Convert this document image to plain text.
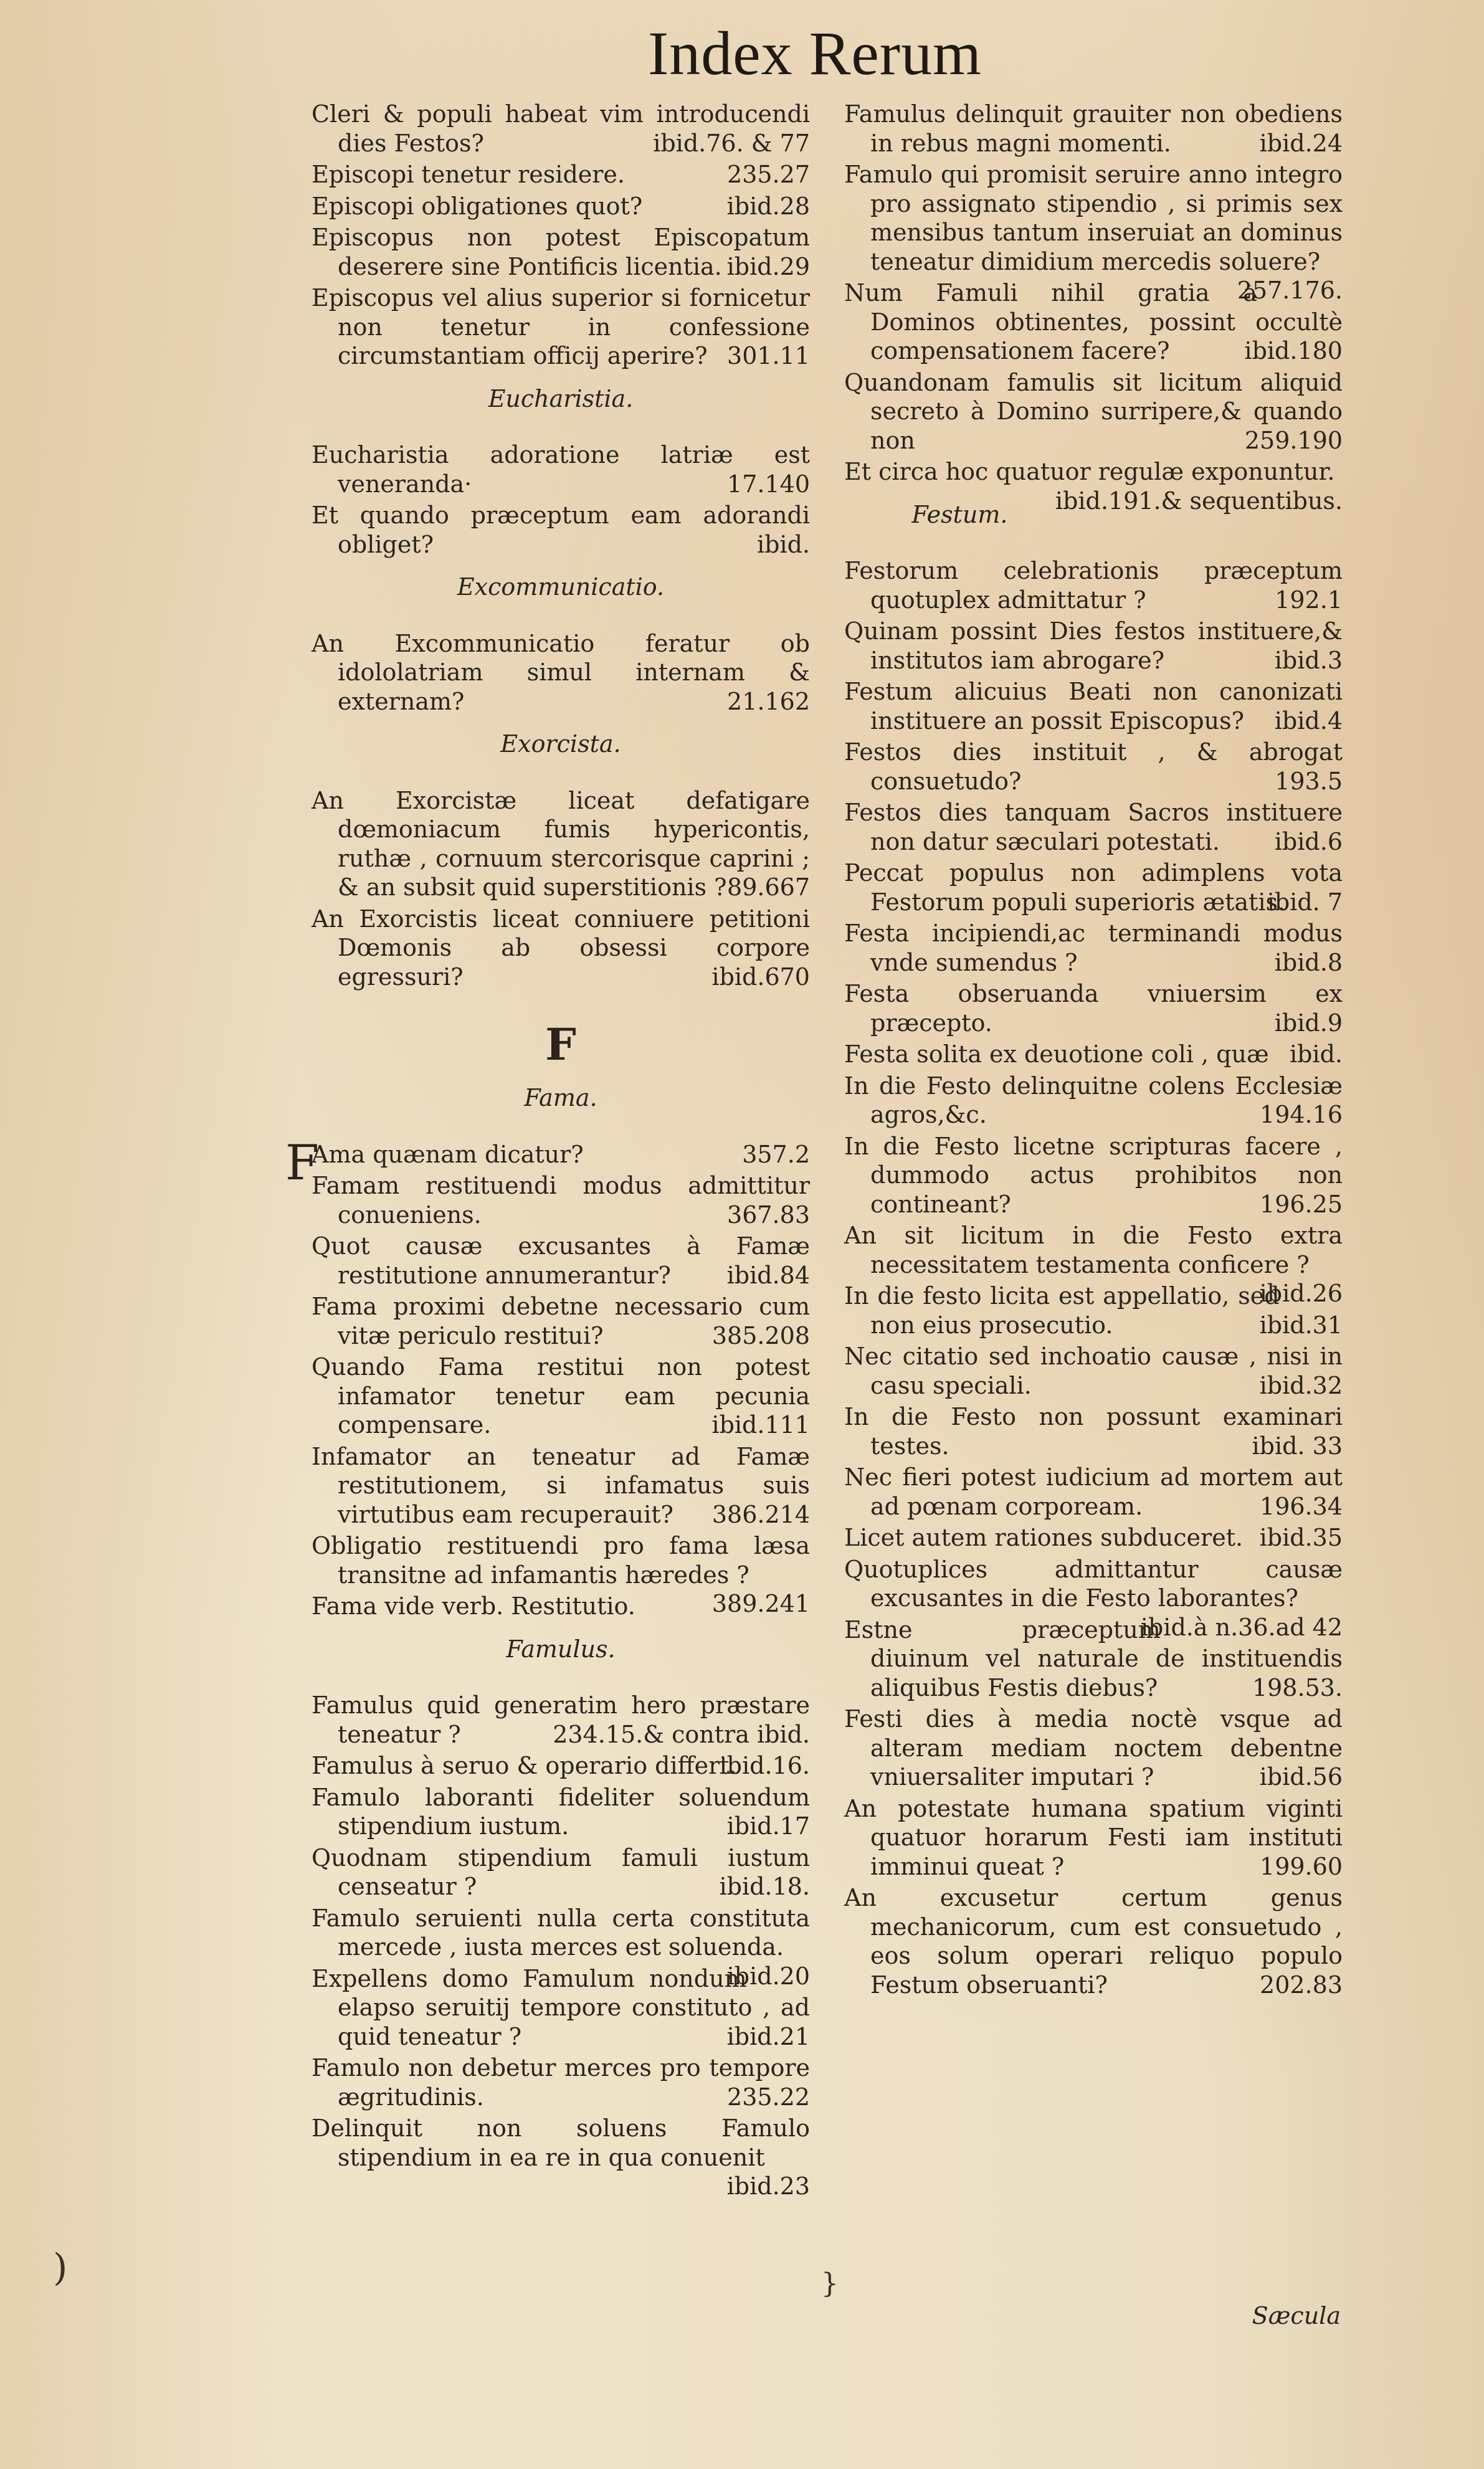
Index Rerum
Cleri & populi habeat vim introducendi dies Festos?	ibid.76. & 77
Episcopi tenetur residere.	235.27
Episcopi obligationes quot?	ibid.28
Episcopus non potest Episcopatum deserere sine Pontificis licentia. ibid.29
Episcopus vel alius superior si fornicetur non tenetur in confessione circumstantiam officij aperire? 301.11
Eucharistia.
Eucharistia adoratione latriæ est veneranda·	17.140
Et quando præceptum eam adorandi obliget?	ibid.
Excommunicatio.
An Excommunicatio feratur ob idololatriam simul internam & externam?	21.162
Exorcista.
An Exorcistæ liceat defatigare dœmoniacum fumis hypericontis, ruthæ , cornuum stercorisque caprini ; & an subsit quid superstitionis ? 89.667
An Exorcistis liceat conniuere petitioni Dœmonis ab obsessi corpore egressuri?	ibid.670
F
Fama.
F
Ama quænam dicatur?	357.2
Famam restituendi modus admittitur conueniens.	367.83
Quot causæ excusantes à Famæ restitutione annumerantur? ibid.84
Fama proximi debetne necessario cum vitæ periculo restitui?	385.208
Quando Fama restitui non potest infamator tenetur eam pecunia compensare.	ibid.111
Infamator an teneatur ad Famæ restitutionem, si infamatus suis virtutibus eam recuperauit? 386.214
Obligatio restituendi pro fama læsa transitne ad infamantis hæredes ?
389.241
Fama vide verb. Restitutio.
Famulus.
Famulus quid generatim hero præstare teneatur ?	234.15.& contra ibid.
Famulus à seruo & operario differt.
ibid.16.
Famulo laboranti fideliter soluendum stipendium iustum.	ibid.17
Quodnam stipendium famuli iustum censeatur ?	ibid.18.
Famulo seruienti nulla certa constituta mercede , iusta merces est soluenda.
ibid.20
Expellens domo Famulum nondum elapso seruitij tempore constituto , ad quid teneatur ?	ibid.21
Famulo non debetur merces pro tempore ægritudinis.	235.22
Delinquit non soluens Famulo stipendium in ea re in qua conuenit
ibid.23
Famulus delinquit grauiter non obediens in rebus magni momenti.	ibid.24
Famulo qui promisit seruire anno integro pro assignato stipendio , si primis sex mensibus tantum inseruiat an dominus teneatur dimidium mercedis soluere?
257.176.
Num Famuli nihil gratia à Dominos obtinentes, possint occultè compensationem facere?	ibid.180
Quandonam famulis sit licitum aliquid secreto à Domino surripere,& quando non	259.190
Et circa hoc quatuor regulæ exponuntur.
ibid.191.& sequentibus.
Festum.
Festorum celebrationis præceptum quotuplex admittatur ?	192.1
Quinam possint Dies festos instituere,& institutos iam abrogare?	ibid.3
Festum alicuius Beati non canonizati instituere an possit Episcopus? ibid.4
Festos dies instituit , & abrogat consuetudo?	193.5
Festos dies tanquam Sacros instituere non datur sæculari potestati. ibid.6
Peccat populus non adimplens vota Festorum populi superioris ætatis.
ibid. 7
Festa incipiendi,ac terminandi modus vnde sumendus ?	ibid.8
Festa obseruanda vniuersim ex præcepto.	ibid.9
Festa solita ex deuotione coli , quæ ibid.
In die Festo delinquitne colens Ecclesiæ agros,&c.	194.16
In die Festo licetne scripturas facere , dummodo actus prohibitos non contineant?	196.25
An sit licitum in die Festo extra necessitatem testamenta conficere ?
ibid.26
In die festo licita est appellatio, sed non eius prosecutio.	ibid.31
Nec citatio sed inchoatio causæ , nisi in casu speciali.	ibid.32
In die Festo non possunt examinari testes.	ibid. 33
Nec fieri potest iudicium ad mortem aut ad pœnam corpoream.	196.34
Licet autem rationes subduceret. ibid.35
Quotuplices admittantur causæ excusantes in die Festo laborantes?
ibid.à n.36.ad 42
Estne præceptum diuinum vel naturale de instituendis aliquibus Festis diebus?	198.53.
Festi dies à media noctè vsque ad alteram mediam noctem debentne vniuersaliter imputari ?	ibid.56
An potestate humana spatium viginti quatuor horarum Festi iam instituti imminui queat ?	199.60
An excusetur certum genus mechanicorum, cum est consuetudo , eos solum operari reliquo populo Festum obseruanti?	202.83
Sæcula
)	}
